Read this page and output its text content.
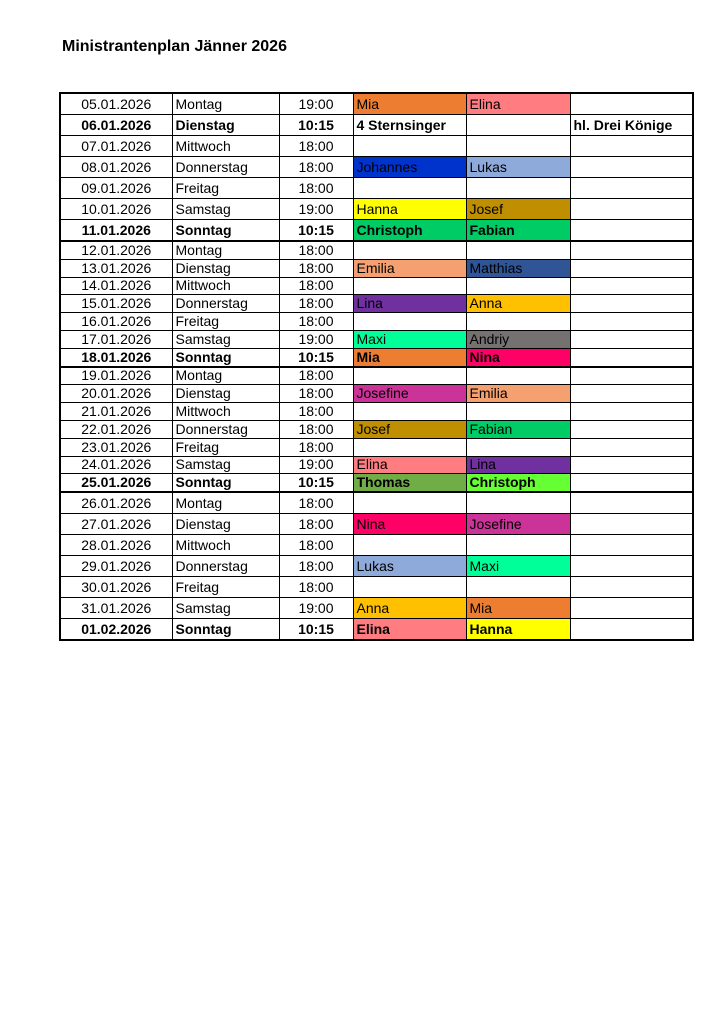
Ministrantenplan Jänner 2026
05.01.2026	Montag	19:00	Mia	Elina	
06.01.2026	Dienstag	10:15	4 Sternsinger		hl. Drei Könige
07.01.2026	Mittwoch	18:00			
08.01.2026	Donnerstag	18:00	Johannes	Lukas	
09.01.2026	Freitag	18:00			
10.01.2026	Samstag	19:00	Hanna	Josef	
11.01.2026	Sonntag	10:15	Christoph	Fabian	
12.01.2026	Montag	18:00			
13.01.2026	Dienstag	18:00	Emilia	Matthias	
14.01.2026	Mittwoch	18:00			
15.01.2026	Donnerstag	18:00	Lina	Anna	
16.01.2026	Freitag	18:00			
17.01.2026	Samstag	19:00	Maxi	Andriy	
18.01.2026	Sonntag	10:15	Mia	Nina	
19.01.2026	Montag	18:00			
20.01.2026	Dienstag	18:00	Josefine	Emilia	
21.01.2026	Mittwoch	18:00			
22.01.2026	Donnerstag	18:00	Josef	Fabian	
23.01.2026	Freitag	18:00			
24.01.2026	Samstag	19:00	Elina	Lina	
25.01.2026	Sonntag	10:15	Thomas	Christoph	
26.01.2026	Montag	18:00			
27.01.2026	Dienstag	18:00	Nina	Josefine	
28.01.2026	Mittwoch	18:00			
29.01.2026	Donnerstag	18:00	Lukas	Maxi	
30.01.2026	Freitag	18:00			
31.01.2026	Samstag	19:00	Anna	Mia	
01.02.2026	Sonntag	10:15	Elina	Hanna	
